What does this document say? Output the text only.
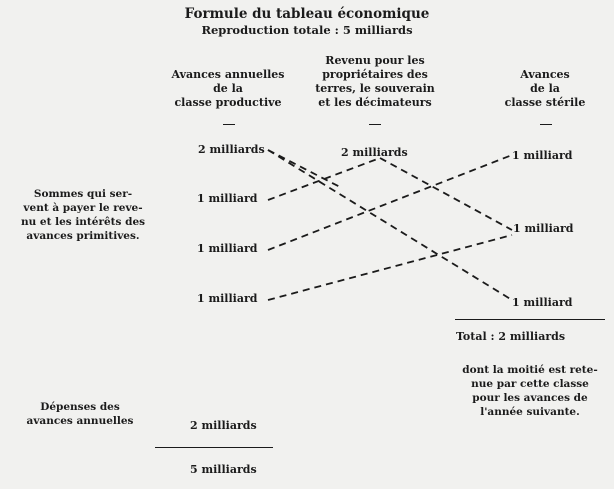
Formule du tableau économique
Reproduction totale : 5 milliards
Avances annuelles
de la
classe productive
Revenu pour les
propriétaires des
terres, le souverain
et les décimateurs
Avances
de la
classe stérile
2 milliards
1 milliard
1 milliard
1 milliard
2 milliards	1 milliard
1 milliard
1 milliard
Sommes qui ser-
vent à payer le reve-
nu et les intérêts des
avances primitives.
Total : 2 milliards
dont la moitié est rete-
nue par cette classe
pour les avances de
l'année suivante.
Dépenses des
avances annuelles	2 milliards
5 milliards
